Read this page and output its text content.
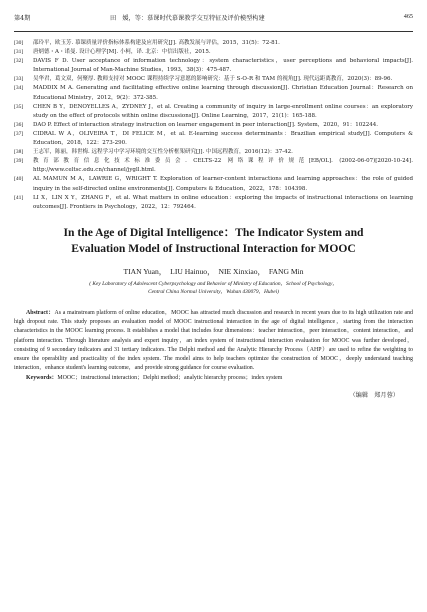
第4期	田　媛，等：慕课时代慕课教学交互特征及评价模型构建	465
[30]	邵玲平，欧玉芳. 慕课质量评价指标体系构建及应用研究[J]. 高教发展与评估，2015，31(5)：72-81.
[31]	唐炳德・A・诺曼. 设计心理学[M]. 小柯，译. 北京：中信出版社，2015.
[32]	DAVIS F D. User acceptance of information technology：system characteristics，user perceptions and behavioral impacts[J]. International Journal of Man-Machine Studies，1993，38(3)：475-487.
[33]	吴华君，葛文双，何聚厚. 教师支持对 MOOC 课程持续学习意愿的影响研究：基于 S-O-R 和 TAM 的视角[J]. 现代远距离教育，2020(3)：89-96.
[34]	MADDIX M A. Generating and facilitating effective online learning through discussion[J]. Christian Education Journal：Research on Educational Ministry，2012，9(2)：372-385.
[35]	CHEN B Y，DENOYELLES A，ZYDNEY J，et al. Creating a community of inquiry in large-enrollment online courses：an exploratory study on the effect of protocols within online discussions[J]. Online Learning，2017，21(1)：165-188.
[36]	DAO P. Effect of interaction strategy instruction on learner engagement in peer interaction[J]. System，2020，91：102244.
[37]	CIDRAL W A，OLIVEIRA T，DI FELICE M，et al. E-learning success determinants：Brazilian empirical study[J]. Computers & Education，2018，122：273-290.
[38]	王志军，陈丽，韩世梅. 远程学习中学习环境的交互性分析框架研究[J]. 中国远程教育，2016(12)：37-42.
[39]	教育部教育信息化技术标准委员会. CELTS-22 网络课程评价规范[EB/OL]. (2002-06-07)[2020-10-24]. http://www.celtsc.edu.cn/channel/jygll.html.
[40]	AL MAMUN M A，LAWRIE G，WRIGHT T. Exploration of learner-content interactions and learning approaches：the role of guided inquiry in the self-directed online environments[J]. Computers & Education，2022，178：104398.
[41]	LI X，LIN X Y，ZHANG F，et al. What matters in online education：exploring the impacts of instructional interactions on learning outcomes[J]. Frontiers in Psychology，2022，12：792464.
In the Age of Digital Intelligence：The Indicator System and
Evaluation Model of Instructional Interaction for MOOC
TIAN Yuan，　LIU Hainuo，　NIE Xinxiao，　FANG Min
( Key Laboratory of Adolescent Cyberpsychology and Behavior of Ministry of Education，School of Psychology，
Central China Normal University，Wuhan 430079，Hubei)
Abstract：As a mainstream platform of online education，MOOC has attracted much discussion and research in recent years due to its high utilization rate and high dropout rate. This study proposes an evaluation model of MOOC instructional interaction in the age of digital intelligence，starting from the interaction characteristics in the MOOC learning process. It establishes a model that includes four dimensions：teacher interaction，peer interaction，content interaction，and platform interaction. Through literature analysis and expert inquiry，an index system of instructional interaction evaluation for MOOC was further developed，consisting of 9 secondary indicators and 31 tertiary indicators. The Delphi method and the Analytic Hierarchy Process（AHP）are used to refine the weighting to ensure the operability and practicality of the index system. The model aims to help teachers optimize the construction of MOOC，deeply understand teaching interaction，enhance student's learning outcome，and provide strong guidance for course evaluation.
Keywords：MOOC；instructional interaction；Delphi method；analytic hierarchy process；index system
（编辑　郑月蓉）
